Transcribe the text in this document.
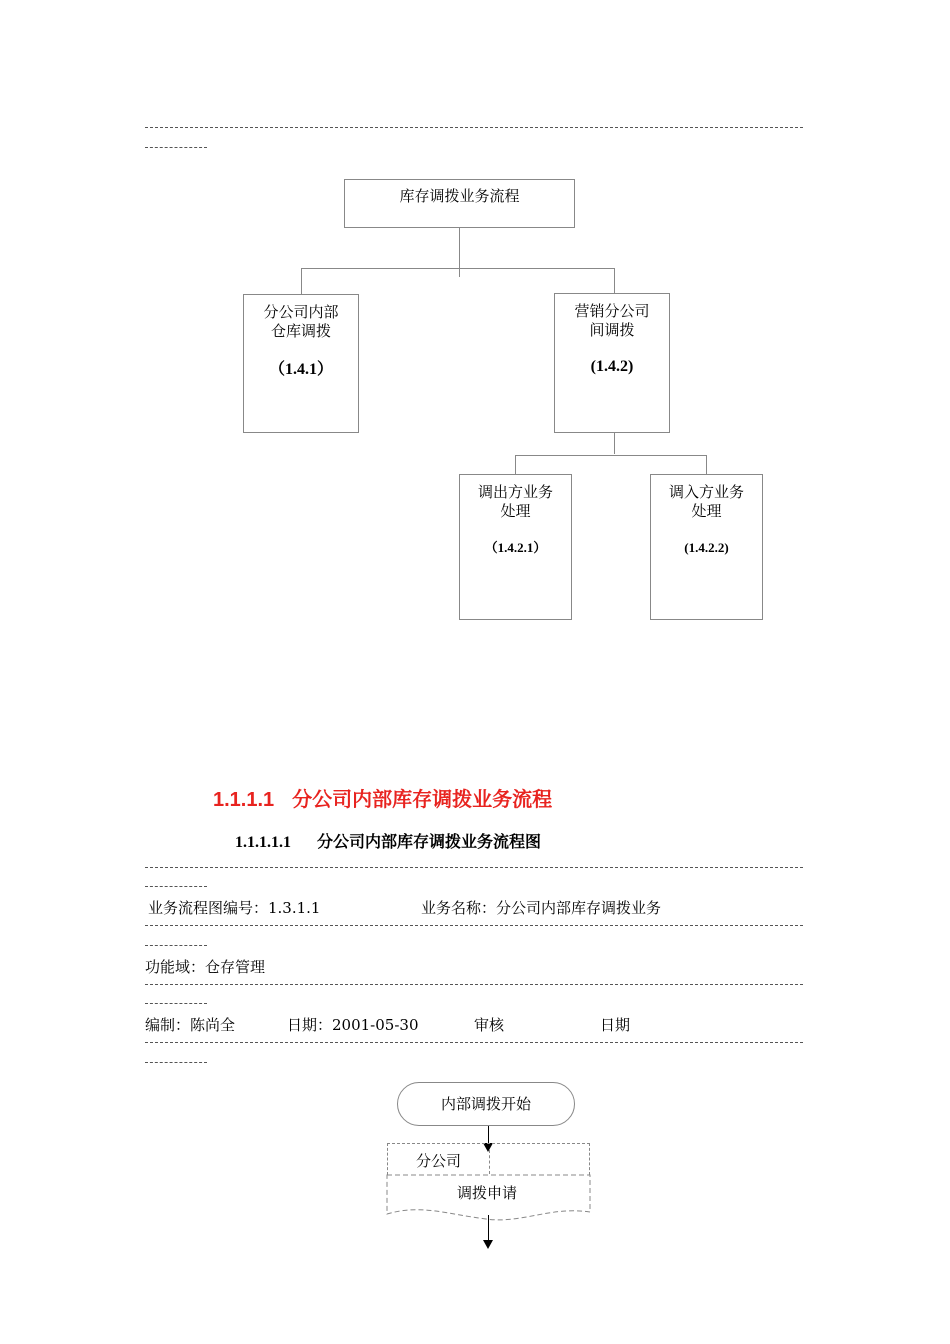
库存调拨业务流程
分公司内部
仓库调拨
（1.4.1）
营销分公司
间调拨
(1.4.2)
调出方业务
处理
（1.4.2.1）
调入方业务
处理
(1.4.2.2)
1.1.1.1 分公司内部库存调拨业务流程
1.1.1.1.1 分公司内部库存调拨业务流程图
业务流程图编号：1.3.1.1	业务名称：分公司内部库存调拨业务
功能域：仓存管理
编制：陈尚全	日期：2001-05-30	审核	日期
内部调拨开始
分公司
调拨申请
